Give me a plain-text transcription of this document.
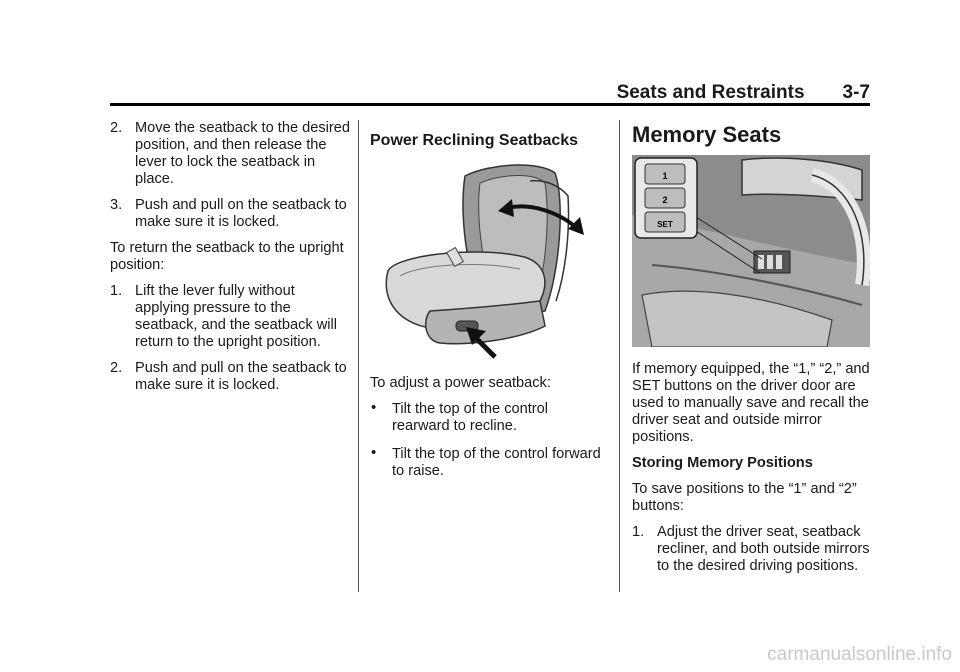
Seats and Restraints 3-7
2. Move the seatback to the desired position, and then release the lever to lock the seatback in place.
3. Push and pull on the seatback to make sure it is locked.

To return the seatback to the upright position:

1. Lift the lever fully without applying pressure to the seatback, and the seatback will return to the upright position.
2. Push and pull on the seatback to make sure it is locked.
Power Reclining Seatbacks

To adjust a power seatback:

• Tilt the top of the control rearward to recline.
• Tilt the top of the control forward to raise.
Memory Seats
1
2
SET

If memory equipped, the “1,” “2,” and SET buttons on the driver door are used to manually save and recall the driver seat and outside mirror positions.

Storing Memory Positions

To save positions to the “1” and “2” buttons:

1. Adjust the driver seat, seatback recliner, and both outside mirrors to the desired driving positions.
carmanualsonline.info
